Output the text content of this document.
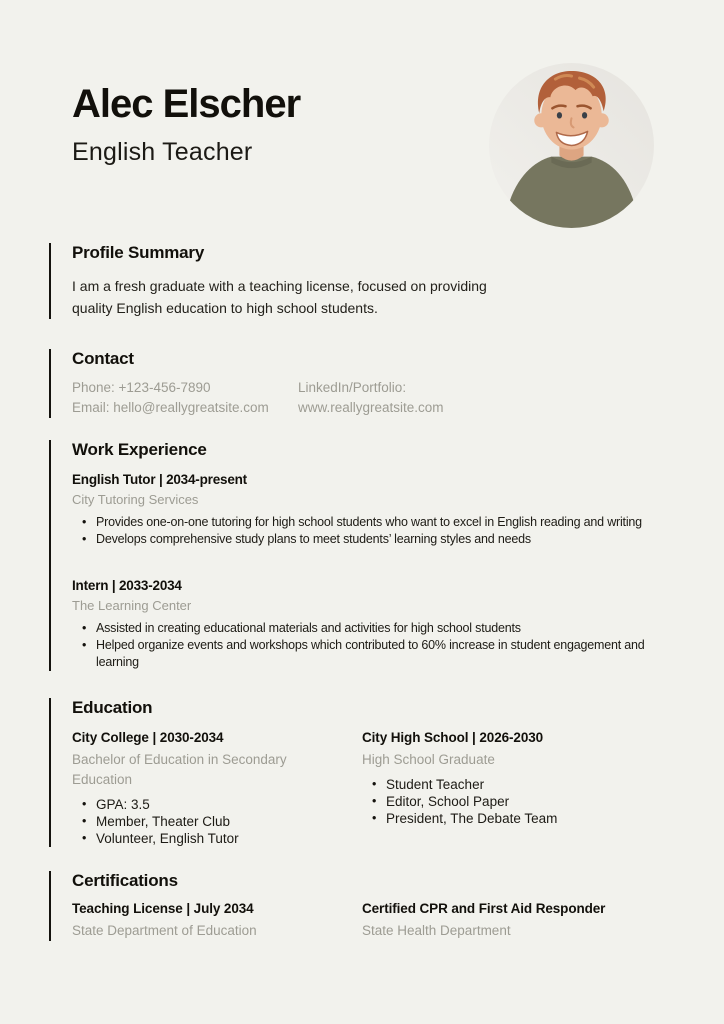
Alec Elscher
English Teacher
Profile Summary

I am a fresh graduate with a teaching license, focused on providing quality English education to high school students.

Contact
Phone: +123-456-7890
Email: hello@reallygreatsite.com
LinkedIn/Portfolio:
www.reallygreatsite.com
Work Experience
English Tutor | 2034-present
City Tutoring Services
• Provides one-on-one tutoring for high school students who want to excel in English reading and writing
• Develops comprehensive study plans to meet students’ learning styles and needs
Intern | 2033-2034
The Learning Center
• Assisted in creating educational materials and activities for high school students
• Helped organize events and workshops which contributed to 60% increase in student engagement and learning
Education
City College | 2030-2034
Bachelor of Education in Secondary Education
• GPA: 3.5
• Member, Theater Club
• Volunteer, English Tutor
City High School | 2026-2030
High School Graduate
• Student Teacher
• Editor, School Paper
• President, The Debate Team
Certifications
Teaching License | July 2034
State Department of Education
Certified CPR and First Aid Responder
State Health Department
